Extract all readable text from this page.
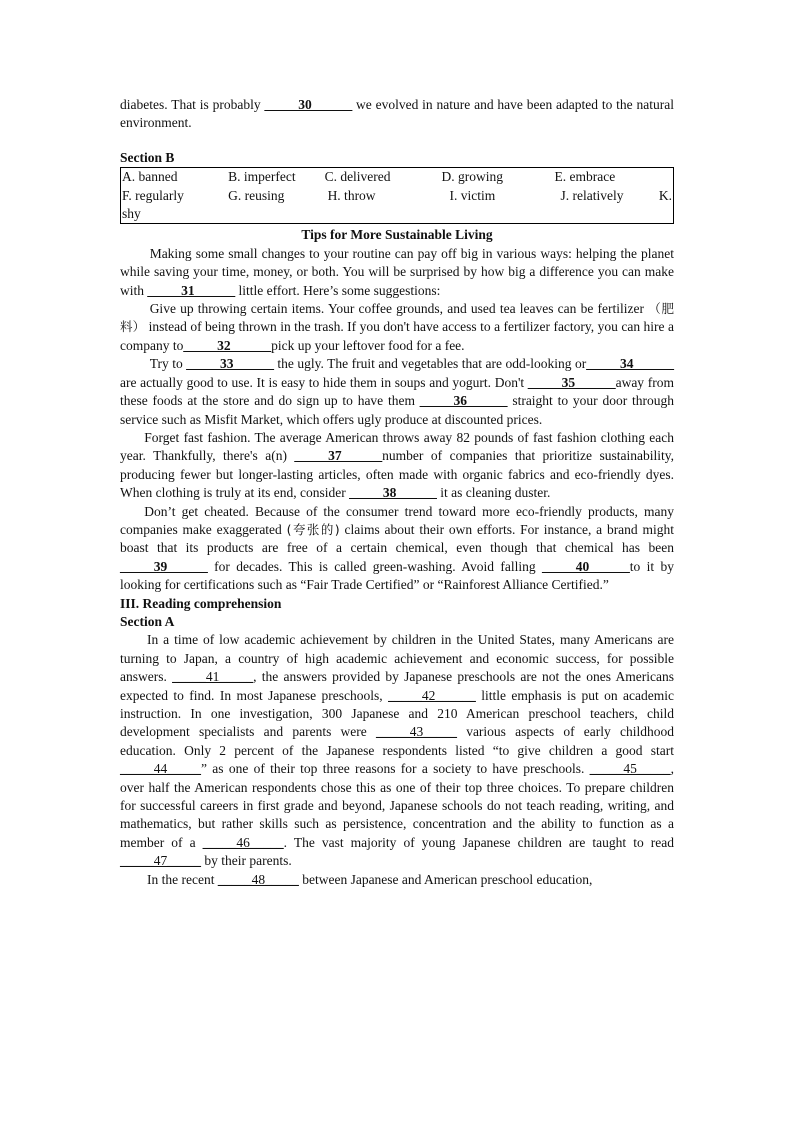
diabetes. That is probably _____30______ we evolved in nature and have been adapted to the natural environment.

Section B
A. banned	B. imperfect	C. delivered	D. growing	E. embrace	
F. regularly	G. reusing	H. throw	I. victim	J. relatively	K.
shy					
Tips for More Sustainable Living

Making some small changes to your routine can pay off big in various ways: helping the planet while saving your time, money, or both. You will be surprised by how big a difference you can make with _____31______ little effort. Here’s some suggestions:

Give up throwing certain items. Your coffee grounds, and used tea leaves can be fertilizer （肥料） instead of being thrown in the trash. If you don't have access to a fertilizer factory, you can hire a company to_____32______pick up your leftover food for a fee.

Try to _____33______ the ugly. The fruit and vegetables that are odd-looking or_____34______ are actually good to use. It is easy to hide them in soups and yogurt. Don't _____35______away from these foods at the store and do sign up to have them _____36______ straight to your door through service such as Misfit Market, which offers ugly produce at discounted prices.

Forget fast fashion. The average American throws away 82 pounds of fast fashion clothing each year. Thankfully, there's a(n) _____37______number of companies that prioritize sustainability, producing fewer but longer-lasting articles, often made with organic fabrics and eco-friendly dyes. When clothing is truly at its end, consider _____38______ it as cleaning duster.

Don’t get cheated. Because of the consumer trend toward more eco-friendly products, many companies make exaggerated (夸张的) claims about their own efforts. For instance, a brand might boast that its products are free of a certain chemical, even though that chemical has been _____39______ for decades. This is called green-washing. Avoid falling _____40______to it by looking for certifications such as “Fair Trade Certified” or “Rainforest Alliance Certified.”

III. Reading comprehension
Section A

In a time of low academic achievement by children in the United States, many Americans are turning to Japan, a country of high academic achievement and economic success, for possible answers. _____41_____, the answers provided by Japanese preschools are not the ones Americans expected to find. In most Japanese preschools, _____42______ little emphasis is put on academic instruction. In one investigation, 300 Japanese and 210 American preschool teachers, child development specialists and parents were _____43_____ various aspects of early childhood education. Only 2 percent of the Japanese respondents listed “to give children a good start _____44_____” as one of their top three reasons for a society to have preschools. _____45_____, over half the American respondents chose this as one of their top three choices. To prepare children for successful careers in first grade and beyond, Japanese schools do not teach reading, writing, and mathematics, but rather skills such as persistence, concentration and the ability to function as a member of a _____46_____. The vast majority of young Japanese children are taught to read _____47_____ by their parents.

In the recent _____48_____ between Japanese and American preschool education,
